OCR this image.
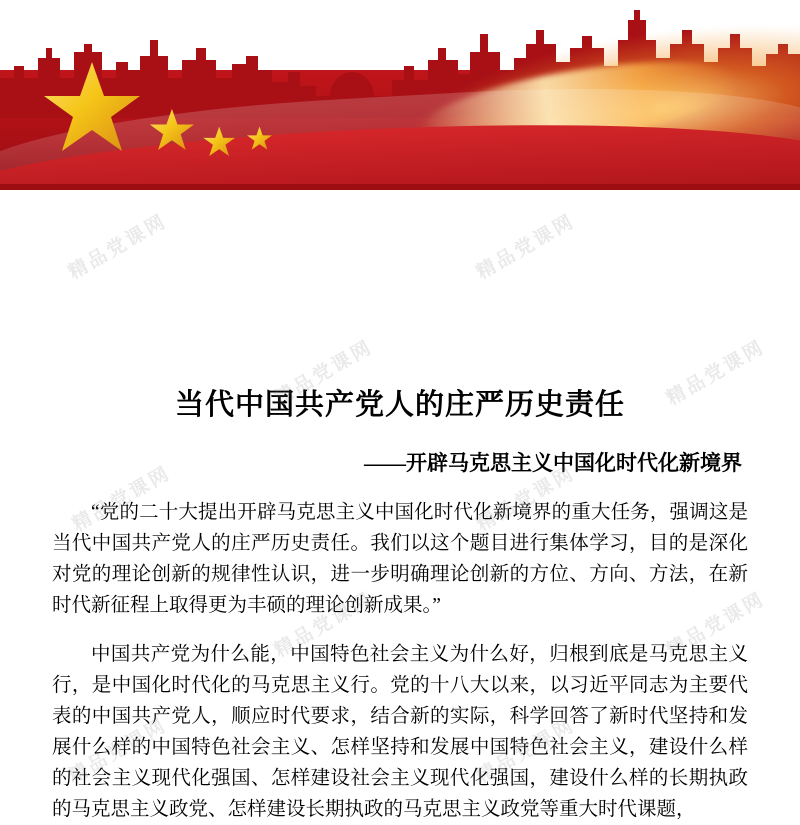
当代中国共产党人的庄严历史责任
——开辟马克思主义中国化时代化新境界

“党的二十大提出开辟马克思主义中国化时代化新境界的重大任务，强调这是当代中国共产党人的庄严历史责任。我们以这个题目进行集体学习，目的是深化对党的理论创新的规律性认识，进一步明确理论创新的方位、方向、方法，在新时代新征程上取得更为丰硕的理论创新成果。”

中国共产党为什么能，中国特色社会主义为什么好，归根到底是马克思主义行，是中国化时代化的马克思主义行。党的十八大以来，以习近平同志为主要代表的中国共产党人，顺应时代要求，结合新的实际，科学回答了新时代坚持和发展什么样的中国特色社会主义、怎样坚持和发展中国特色社会主义，建设什么样的社会主义现代化强国、怎样建设社会主义现代化强国，建设什么样的长期执政的马克思主义政党、怎样建设长期执政的马克思主义政党等重大时代课题，

精品党课网	精品党课网
精品党课网	精品党课网
精品党课网	精品党课网
精品党课网	精品党课网
精品党课网	精品党课网
